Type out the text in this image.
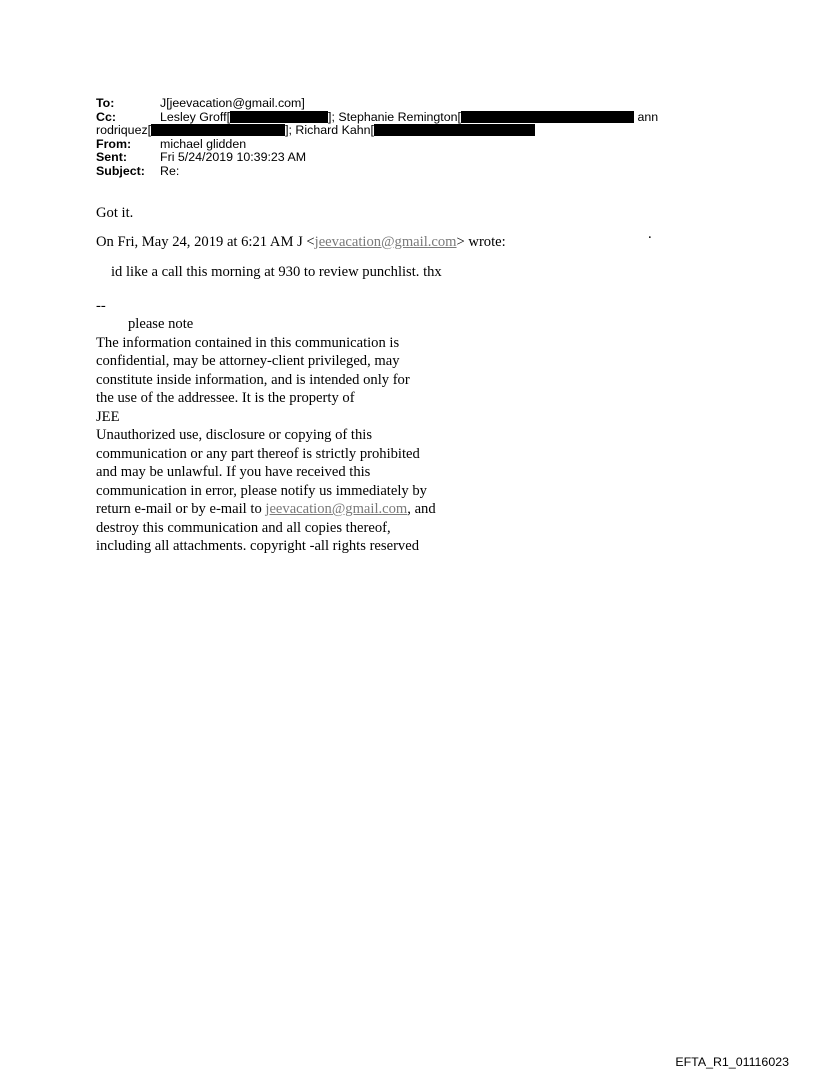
To:	J[jeevacation@gmail.com]
Cc:	Lesley Groff[	]; Stephanie Remington[	ann
rodriquez[	]; Richard Kahn[
From: michael glidden
Sent:	Fri 5/24/2019 10:39:23 AM
Subject: Re:
.

Got it.

On Fri, May 24, 2019 at 6:21 AM J <jeevacation@gmail.com> wrote:

id like a call this morning at 930 to review punchlist. thx

--

please note

The information contained in this communication is

confidential, may be attorney-client privileged, may

constitute inside information, and is intended only for

the use of the addressee. It is the property of

JEE

Unauthorized use, disclosure or copying of this

communication or any part thereof is strictly prohibited

and may be unlawful. If you have received this

communication in error, please notify us immediately by

return e-mail or by e-mail to jeevacation@gmail.com, and

destroy this communication and all copies thereof,

including all attachments. copyright -all rights reserved

EFTA_R1_01116023
